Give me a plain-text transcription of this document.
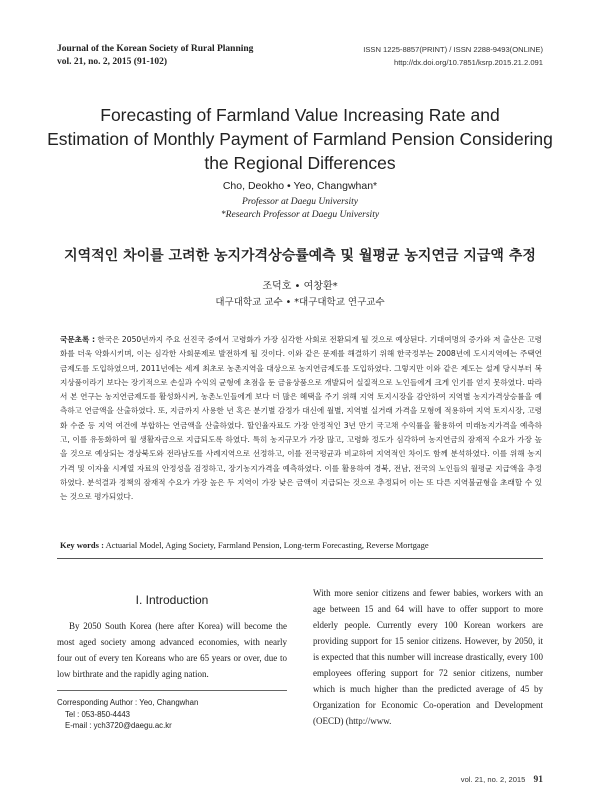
Journal of the Korean Society of Rural Planning
vol. 21, no. 2, 2015 (91-102)
ISSN 1225-8857(PRINT) / ISSN 2288-9493(ONLINE)
http://dx.doi.org/10.7851/ksrp.2015.21.2.091
Forecasting of Farmland Value Increasing Rate and
Estimation of Monthly Payment of Farmland Pension Considering
the Regional Differences
Cho, Deokho • Yeo, Changwhan*
Professor at Daegu University
*Research Professor at Daegu University
지역적인 차이를 고려한 농지가격상승률예측 및 월평균 농지연금 지급액 추정
조덕호 • 여창환*
대구대학교 교수 • *대구대학교 연구교수
국문초록 : 한국은 2050년까지 주요 선진국 중에서 고령화가 가장 심각한 사회로 전환되게 될 것으로 예상된다. 기대여명의 증가와 저 출산은 고령화를 더욱 악화시키며, 이는 심각한 사회문제로 발전하게 될 것이다. 이와 같은 문제를 해결하기 위해 한국정부는 2008년에 도시지역에는 주택연금제도를 도입하였으며, 2011년에는 세계 최초로 농촌지역을 대상으로 농지연금제도를 도입하였다. 그렇지만 이와 같은 제도는 설계 당시부터 복지상품이라기 보다는 장기적으로 손실과 수익의 균형에 초점을 둔 금융상품으로 개발되어 실질적으로 노인들에게 크게 인기를 얻지 못하였다. 따라서 본 연구는 농지연금제도를 활성화시켜, 농촌노인들에게 보다 더 많은 혜택을 주기 위해 지역 토지시장을 감안하여 지역별 농지가격상승률을 예측하고 연금액을 산출하였다. 또, 지금까지 사용한 년 혹은 분기별 감정가 대신에 월별, 지역별 실거래 가격을 모형에 적용하여 지역 토지시장, 고령화 수준 등 지역 여건에 부합하는 연금액을 산출하였다. 할인율자료도 가장 안정적인 3년 만기 국고채 수익률을 활용하여 미래농지가격을 예측하고, 이를 유동화하여 월 생활자금으로 지급되도록 하였다. 특히 농지규모가 가장 많고, 고령화 정도가 심각하여 농지연금의 잠재적 수요가 가장 높을 것으로 예상되는 경상북도와 전라남도를 사례지역으로 선정하고, 이를 전국평균과 비교하여 지역적인 차이도 함께 분석하였다. 이를 위해 농지가격 및 이자율 시계열 자료의 안정성을 검정하고, 장기농지가격을 예측하였다. 이를 활용하여 경북, 전남, 전국의 노인들의 월평균 지급액을 추정하였다. 분석결과 정책의 잠재적 수요가 가장 높은 두 지역이 가장 낮은 금액이 지급되는 것으로 추정되어 이는 또 다른 지역불균형을 초래할 수 있는 것으로 평가되었다.
Key words : Actuarial Model, Aging Society, Farmland Pension, Long-term Forecasting, Reverse Mortgage
I. Introduction
By 2050 South Korea (here after Korea) will become the most aged society among advanced economies, with nearly four out of every ten Koreans who are 65 years or over, due to low birthrate and the rapidly aging nation.
With more senior citizens and fewer babies, workers with an age between 15 and 64 will have to offer support to more elderly people. Currently every 100 Korean workers are providing support for 15 senior citizens. However, by 2050, it is expected that this number will increase drastically, every 100 employees offering support for 72 senior citizens, number which is much higher than the predicted average of 45 by Organization for Economic Co-operation and Development (OECD) (http://www.
Corresponding Author : Yeo, Changwhan
Tel : 053-850-4443
E-mail : ych3720@daegu.ac.kr
vol. 21, no. 2, 2015 91
